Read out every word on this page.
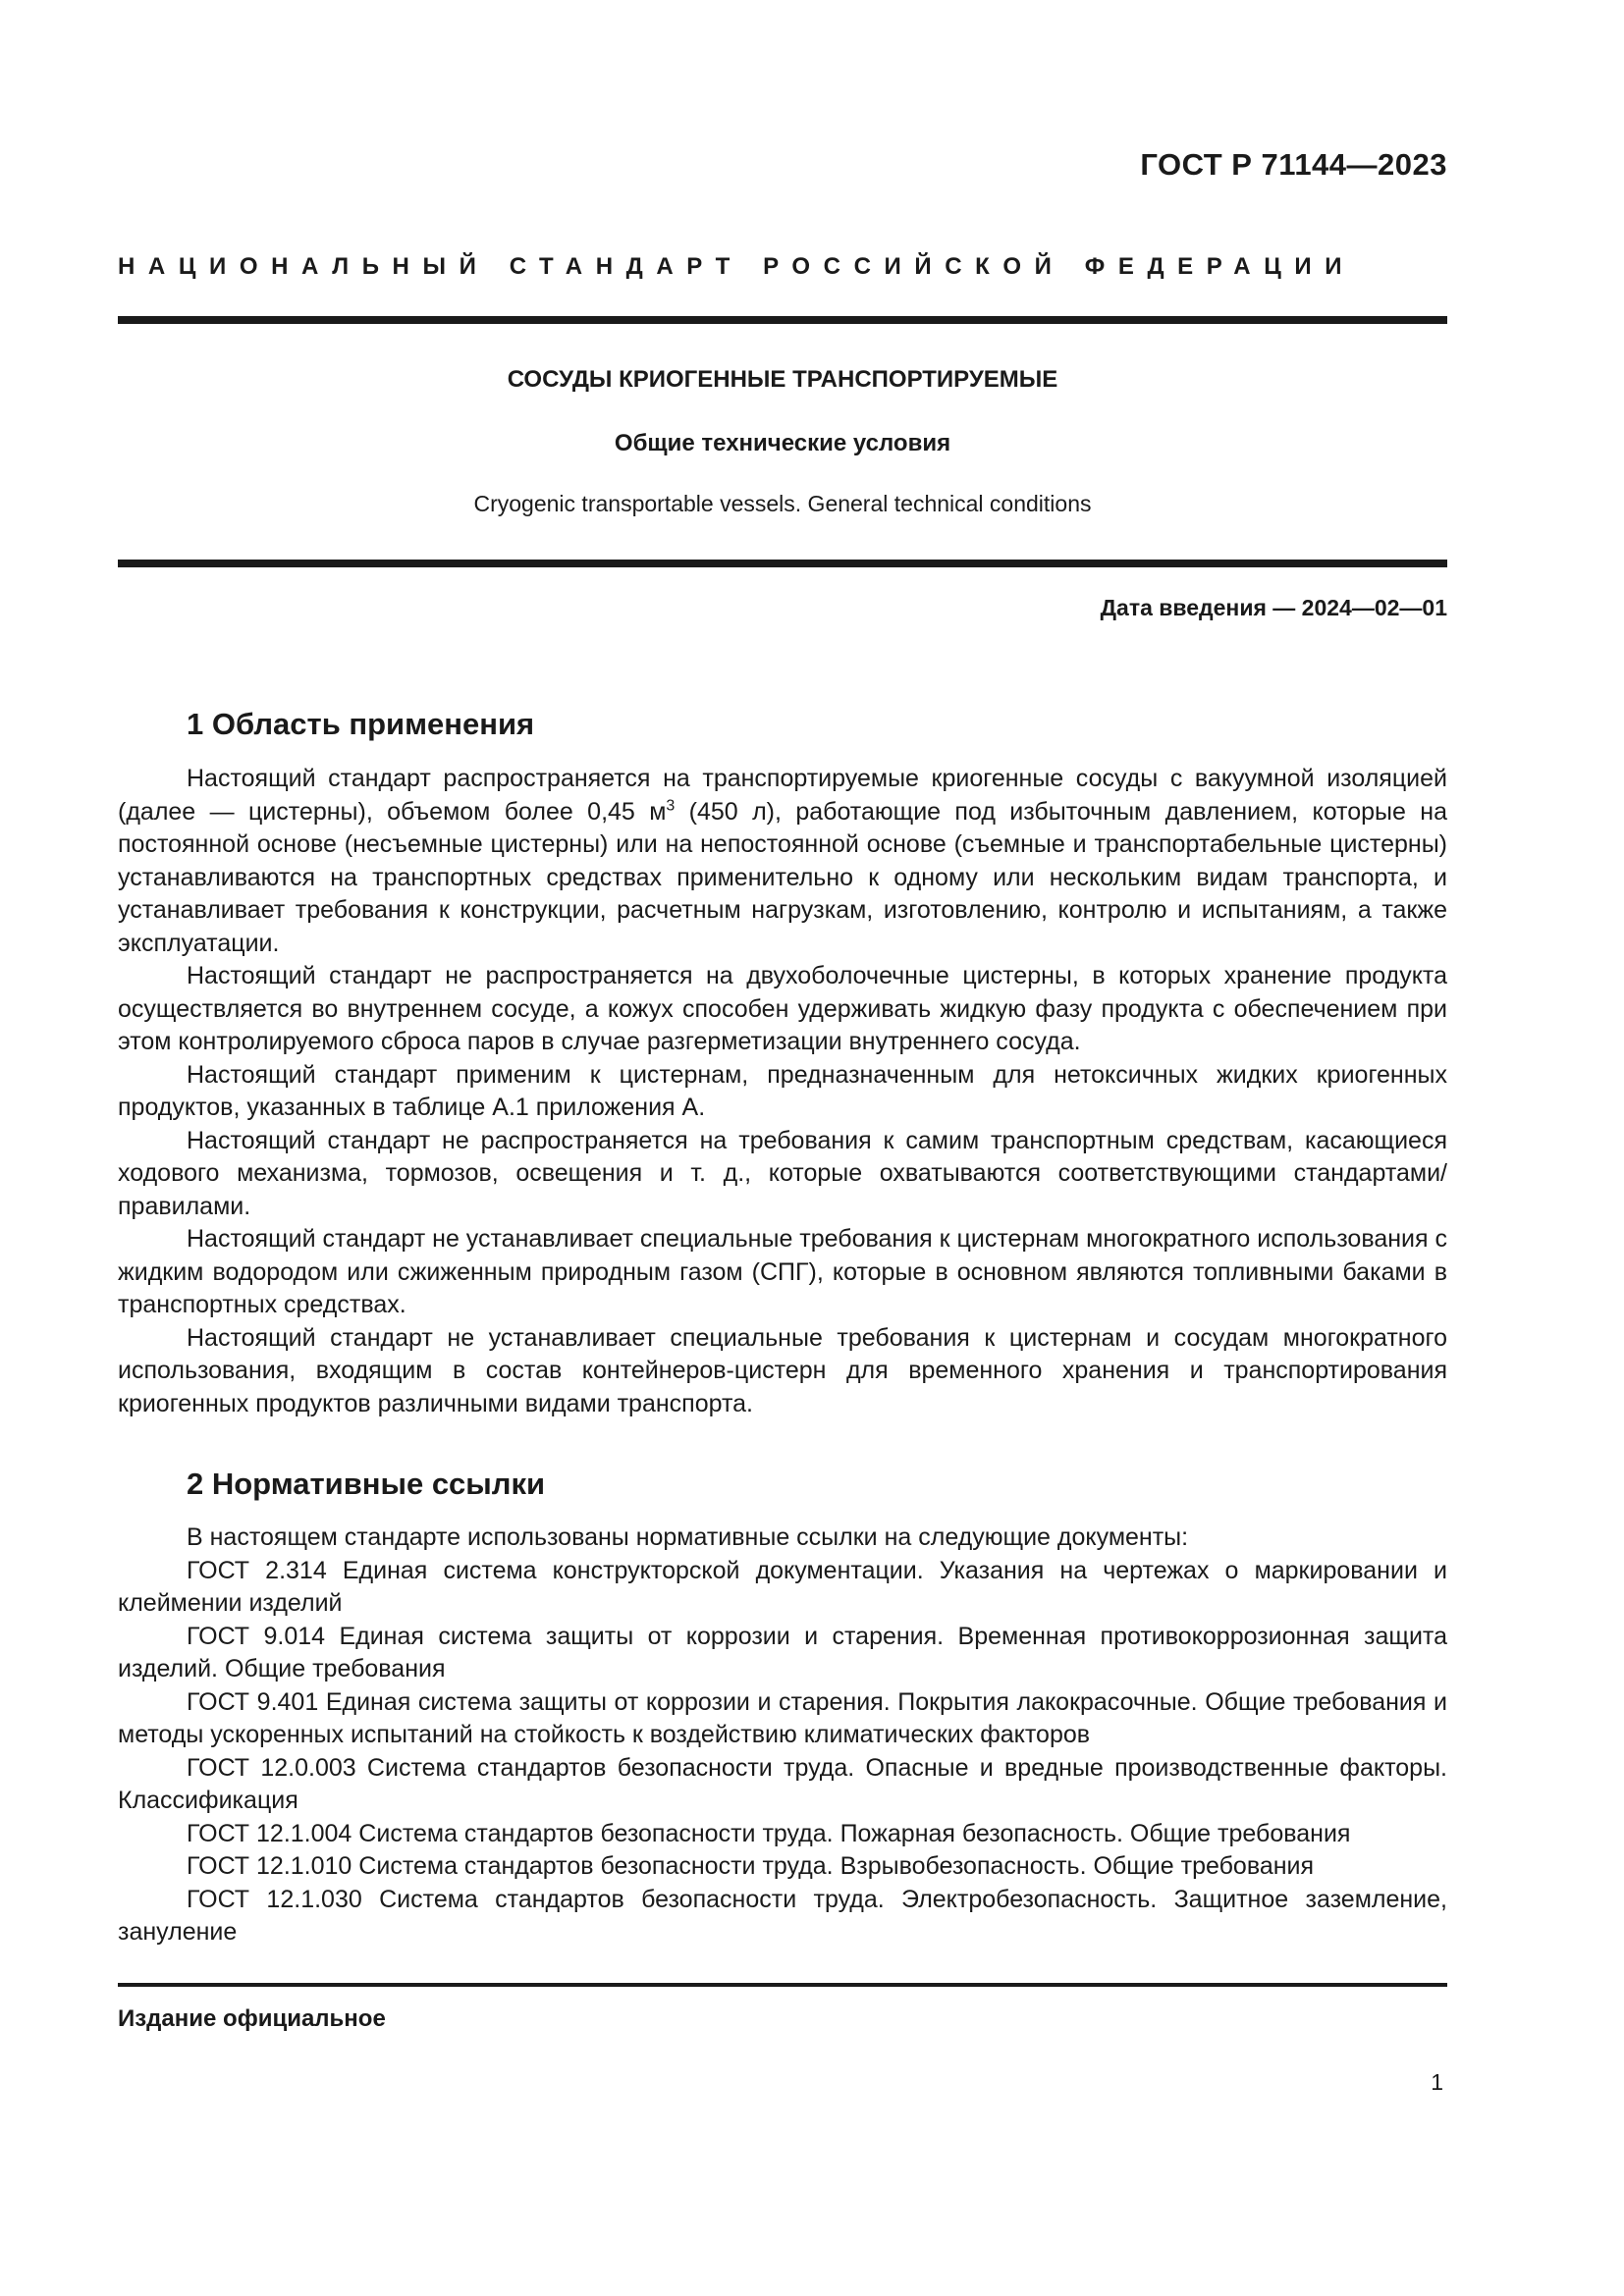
ГОСТ Р 71144—2023
НАЦИОНАЛЬНЫЙ СТАНДАРТ РОССИЙСКОЙ ФЕДЕРАЦИИ
СОСУДЫ КРИОГЕННЫЕ ТРАНСПОРТИРУЕМЫЕ
Общие технические условия
Cryogenic transportable vessels. General technical conditions
Дата введения — 2024—02—01
1 Область применения

Настоящий стандарт распространяется на транспортируемые криогенные сосуды с вакуумной изоляцией (далее — цистерны), объемом более 0,45 $м^3$ (450 л), работающие под избыточным давлением, которые на постоянной основе (несъемные цистерны) или на непостоянной основе (съемные и транспортабельные цистерны) устанавливаются на транспортных средствах применительно к одному или нескольким видам транспорта, и устанавливает требования к конструкции, расчетным нагрузкам, изготовлению, контролю и испытаниям, а также эксплуатации.

Настоящий стандарт не распространяется на двухоболочечные цистерны, в которых хранение продукта осуществляется во внутреннем сосуде, а кожух способен удерживать жидкую фазу продукта с обеспечением при этом контролируемого сброса паров в случае разгерметизации внутреннего сосуда.

Настоящий стандарт применим к цистернам, предназначенным для нетоксичных жидких криогенных продуктов, указанных в таблице А.1 приложения А.

Настоящий стандарт не распространяется на требования к самим транспортным средствам, касающиеся ходового механизма, тормозов, освещения и т. д., которые охватываются соответствующими стандартами/правилами.

Настоящий стандарт не устанавливает специальные требования к цистернам многократного использования с жидким водородом или сжиженным природным газом (СПГ), которые в основном являются топливными баками в транспортных средствах.

Настоящий стандарт не устанавливает специальные требования к цистернам и сосудам многократного использования, входящим в состав контейнеров-цистерн для временного хранения и транспортирования криогенных продуктов различными видами транспорта.

2 Нормативные ссылки

В настоящем стандарте использованы нормативные ссылки на следующие документы:

ГОСТ 2.314 Единая система конструкторской документации. Указания на чертежах о маркировании и клеймении изделий

ГОСТ 9.014 Единая система защиты от коррозии и старения. Временная противокоррозионная защита изделий. Общие требования

ГОСТ 9.401 Единая система защиты от коррозии и старения. Покрытия лакокрасочные. Общие требования и методы ускоренных испытаний на стойкость к воздействию климатических факторов

ГОСТ 12.0.003 Система стандартов безопасности труда. Опасные и вредные производственные факторы. Классификация

ГОСТ 12.1.004 Система стандартов безопасности труда. Пожарная безопасность. Общие требования

ГОСТ 12.1.010 Система стандартов безопасности труда. Взрывобезопасность. Общие требования

ГОСТ 12.1.030 Система стандартов безопасности труда. Электробезопасность. Защитное заземление, зануление

Издание официальное
1
